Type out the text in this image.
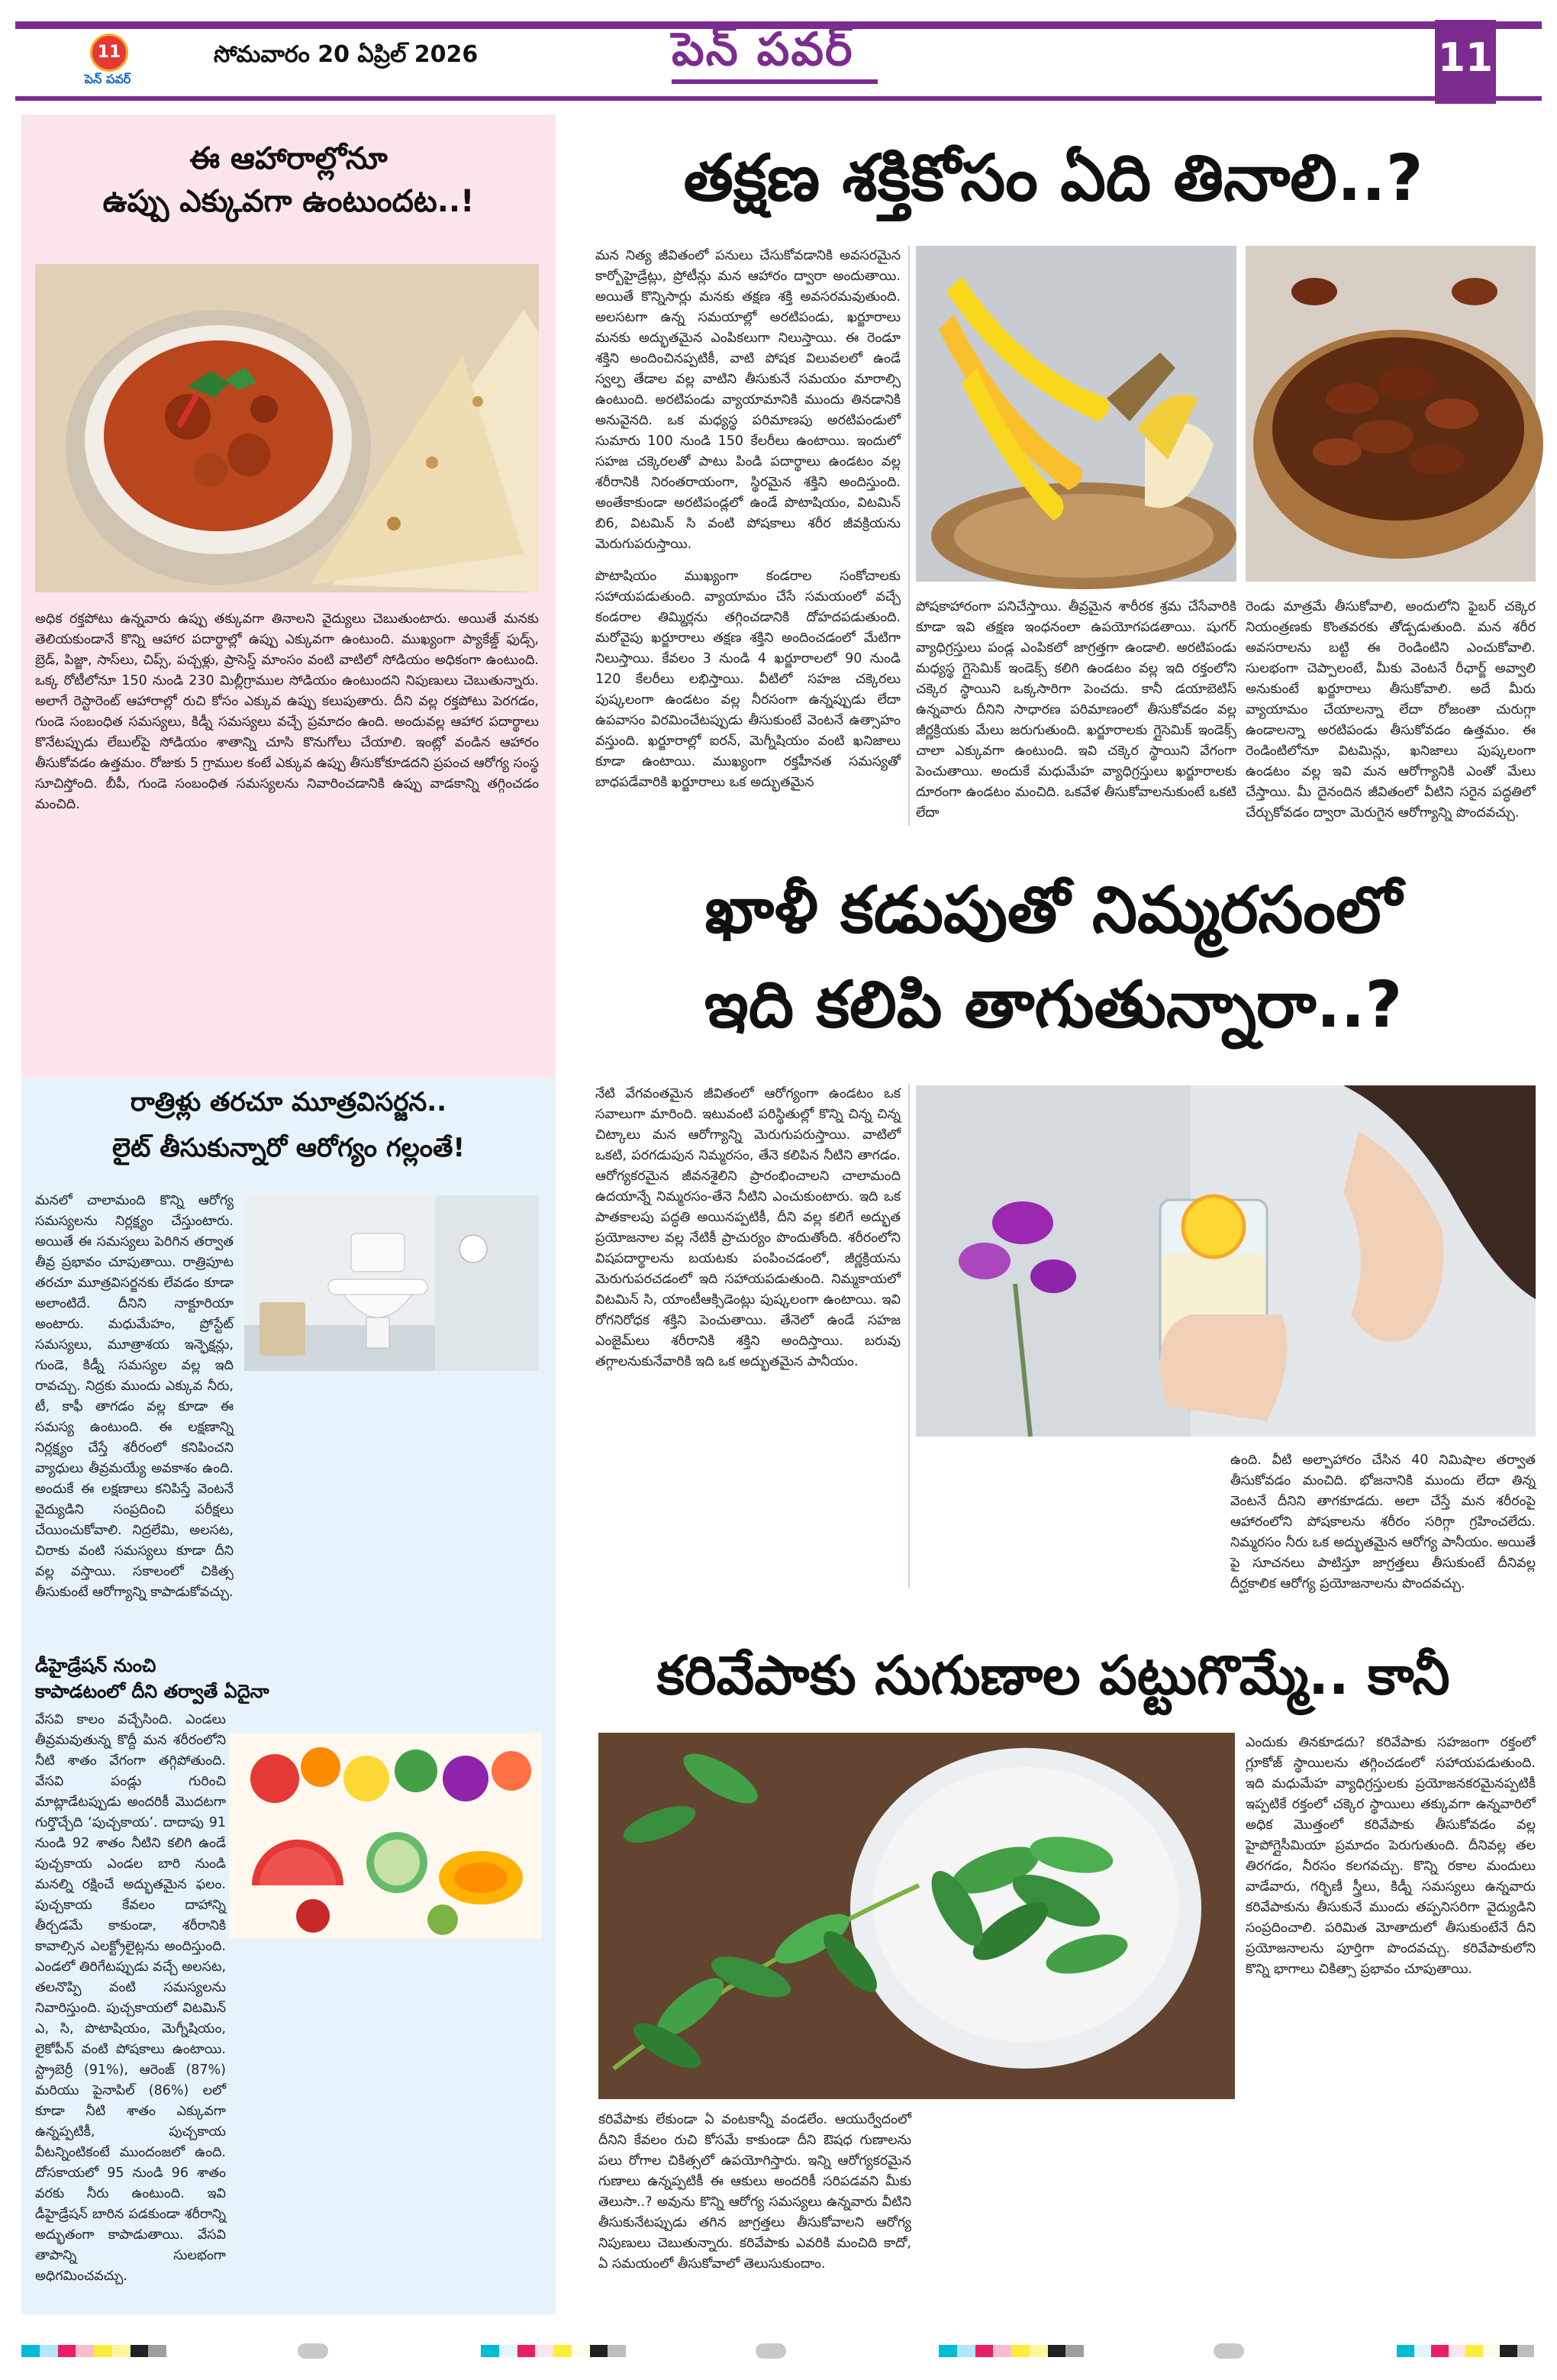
11
పెన్ పవర్
సోమవారం 20 ఏప్రిల్ 2026	పెన్ పవర్	11
ఈ ఆహారాల్లోనూ
ఉప్పు ఎక్కువగా ఉంటుందట..!
అధిక రక్తపోటు ఉన్నవారు ఉప్పు తక్కువగా తినాలని వైద్యులు చెబుతుంటారు. అయితే మనకు తెలియకుండానే కొన్ని ఆహార పదార్థాల్లో ఉప్పు ఎక్కువగా ఉంటుంది. ముఖ్యంగా ప్యాకేజ్డ్ ఫుడ్స్, బ్రెడ్, పిజ్జా, సాస్‌లు, చిప్స్, పచ్చళ్లు, ప్రాసెస్డ్ మాంసం వంటి వాటిలో సోడియం అధికంగా ఉంటుంది. ఒక్క రోటీలోనూ 150 నుండి 230 మిల్లీగ్రాముల సోడియం ఉంటుందని నిపుణులు చెబుతున్నారు. అలాగే రెస్టారెంట్ ఆహారాల్లో రుచి కోసం ఎక్కువ ఉప్పు కలుపుతారు. దీని వల్ల రక్తపోటు పెరగడం, గుండె సంబంధిత సమస్యలు, కిడ్నీ సమస్యలు వచ్చే ప్రమాదం ఉంది. అందువల్ల ఆహార పదార్థాలు కొనేటప్పుడు లేబుల్‌పై సోడియం శాతాన్ని చూసి కొనుగోలు చేయాలి. ఇంట్లో వండిన ఆహారం తీసుకోవడం ఉత్తమం. రోజుకు 5 గ్రాముల కంటే ఎక్కువ ఉప్పు తీసుకోకూడదని ప్రపంచ ఆరోగ్య సంస్థ సూచిస్తోంది. బీపీ, గుండె సంబంధిత సమస్యలను నివారించడానికి ఉప్పు వాడకాన్ని తగ్గించడం మంచిది.
రాత్రిళ్లు తరచూ మూత్రవిసర్జన..
లైట్ తీసుకున్నారో ఆరోగ్యం గల్లంతే!
మనలో చాలామంది కొన్ని ఆరోగ్య సమస్యలను నిర్లక్ష్యం చేస్తుంటారు. అయితే ఈ సమస్యలు పెరిగిన తర్వాత తీవ్ర ప్రభావం చూపుతాయి. రాత్రిపూట తరచూ మూత్రవిసర్జనకు లేవడం కూడా అలాంటిదే. దీనిని నాక్టూరియా అంటారు. మధుమేహం, ప్రోస్టేట్ సమస్యలు, మూత్రాశయ ఇన్ఫెక్షన్లు, గుండె, కిడ్నీ సమస్యల వల్ల ఇది రావచ్చు. నిద్రకు ముందు ఎక్కువ నీరు, టీ, కాఫీ తాగడం వల్ల కూడా ఈ సమస్య ఉంటుంది. ఈ లక్షణాన్ని నిర్లక్ష్యం చేస్తే శరీరంలో కనిపించని వ్యాధులు తీవ్రమయ్యే అవకాశం ఉంది. అందుకే ఈ లక్షణాలు కనిపిస్తే వెంటనే వైద్యుడిని సంప్రదించి పరీక్షలు చేయించుకోవాలి. నిద్రలేమి, అలసట, చిరాకు వంటి సమస్యలు కూడా దీని వల్ల వస్తాయి. సకాలంలో చికిత్స తీసుకుంటే ఆరోగ్యాన్ని కాపాడుకోవచ్చు.
డీహైడ్రేషన్ నుంచి
కాపాడటంలో దీని తర్వాతే ఏదైనా
వేసవి కాలం వచ్చేసింది. ఎండలు తీవ్రమవుతున్న కొద్దీ మన శరీరంలోని నీటి శాతం వేగంగా తగ్గిపోతుంది. వేసవి పండ్లు గురించి మాట్లాడేటప్పుడు అందరికీ మొదటగా గుర్తొచ్చేది ‘పుచ్చకాయ’. దాదాపు 91 నుండి 92 శాతం నీటిని కలిగి ఉండే పుచ్చకాయ ఎండల బారి నుండి మనల్ని రక్షించే అద్భుతమైన ఫలం. పుచ్చకాయ కేవలం దాహాన్ని తీర్చడమే కాకుండా, శరీరానికి కావాల్సిన ఎలక్ట్రోలైట్లను అందిస్తుంది. ఎండలో తిరిగేటప్పుడు వచ్చే అలసట, తలనొప్పి వంటి సమస్యలను నివారిస్తుంది. పుచ్చకాయలో విటమిన్ ఎ, సి, పొటాషియం, మెగ్నీషియం, లైకోపీన్ వంటి పోషకాలు ఉంటాయి. స్ట్రాబెర్రీ (91%), ఆరెంజ్ (87%) మరియు పైనాపిల్ (86%) లలో కూడా నీటి శాతం ఎక్కువగా ఉన్నప్పటికీ, పుచ్చకాయ వీటన్నింటికంటే ముందంజలో ఉంది. దోసకాయలో 95 నుండి 96 శాతం వరకు నీరు ఉంటుంది. ఇవి డీహైడ్రేషన్ బారిన పడకుండా శరీరాన్ని అద్భుతంగా కాపాడుతాయి. వేసవి తాపాన్ని సులభంగా అధిగమించవచ్చు.
తక్షణ శక్తికోసం ఏది తినాలి..?
మన నిత్య జీవితంలో పనులు చేసుకోవడానికి అవసరమైన కార్బోహైడ్రేట్లు, ప్రోటీన్లు మన ఆహారం ద్వారా అందుతాయి. అయితే కొన్నిసార్లు మనకు తక్షణ శక్తి అవసరమవుతుంది. అలసటగా ఉన్న సమయాల్లో అరటిపండు, ఖర్జూరాలు మనకు అద్భుతమైన ఎంపికలుగా నిలుస్తాయి. ఈ రెండూ శక్తిని అందించినప్పటికీ, వాటి పోషక విలువలలో ఉండే స్వల్ప తేడాల వల్ల వాటిని తీసుకునే సమయం మారాల్సి ఉంటుంది. అరటిపండు వ్యాయామానికి ముందు తినడానికి అనువైనది. ఒక మధ్యస్థ పరిమాణపు అరటిపండులో సుమారు 100 నుండి 150 కేలరీలు ఉంటాయి. ఇందులో సహజ చక్కెరలతో పాటు పిండి పదార్థాలు ఉండటం వల్ల శరీరానికి నిరంతరాయంగా, స్థిరమైన శక్తిని అందిస్తుంది. అంతేకాకుండా అరటిపండ్లలో ఉండే పొటాషియం, విటమిన్ బి6, విటమిన్ సి వంటి పోషకాలు శరీర జీవక్రియను మెరుగుపరుస్తాయి.
పొటాషియం ముఖ్యంగా కండరాల సంకోచాలకు సహాయపడుతుంది. వ్యాయామం చేసే సమయంలో వచ్చే కండరాల తిమ్మిర్లను తగ్గించడానికి దోహదపడుతుంది. మరోవైపు ఖర్జూరాలు తక్షణ శక్తిని అందించడంలో మేటిగా నిలుస్తాయి. కేవలం 3 నుండి 4 ఖర్జూరాలలో 90 నుండి 120 కేలరీలు లభిస్తాయి. వీటిలో సహజ చక్కెరలు పుష్కలంగా ఉండటం వల్ల నీరసంగా ఉన్నప్పుడు లేదా ఉపవాసం విరమించేటప్పుడు తీసుకుంటే వెంటనే ఉత్సాహం వస్తుంది. ఖర్జూరాల్లో ఐరన్, మెగ్నీషియం వంటి ఖనిజాలు కూడా ఉంటాయి. ముఖ్యంగా రక్తహీనత సమస్యతో బాధపడేవారికి ఖర్జూరాలు ఒక అద్భుతమైన
పోషకాహారంగా పనిచేస్తాయి. తీవ్రమైన శారీరక శ్రమ చేసేవారికి కూడా ఇవి తక్షణ ఇంధనంలా ఉపయోగపడతాయి. షుగర్ వ్యాధిగ్రస్తులు పండ్ల ఎంపికలో జాగ్రత్తగా ఉండాలి. అరటిపండు మధ్యస్థ గ్లైసెమిక్ ఇండెక్స్ కలిగి ఉండటం వల్ల ఇది రక్తంలోని చక్కెర స్థాయిని ఒక్కసారిగా పెంచదు. కానీ డయాబెటిస్ ఉన్నవారు దీనిని సాధారణ పరిమాణంలో తీసుకోవడం వల్ల జీర్ణక్రియకు మేలు జరుగుతుంది. ఖర్జూరాలకు గ్లైసెమిక్ ఇండెక్స్ చాలా ఎక్కువగా ఉంటుంది. ఇవి చక్కెర స్థాయిని వేగంగా పెంచుతాయి. అందుకే మధుమేహ వ్యాధిగ్రస్తులు ఖర్జూరాలకు దూరంగా ఉండటం మంచిది. ఒకవేళ తీసుకోవాలనుకుంటే ఒకటి లేదా
రెండు మాత్రమే తీసుకోవాలి, అందులోని ఫైబర్ చక్కెర నియంత్రణకు కొంతవరకు తోడ్పడుతుంది. మన శరీర అవసరాలను బట్టి ఈ రెండింటిని ఎంచుకోవాలి. సులభంగా చెప్పాలంటే, మీకు వెంటనే రీఛార్జ్ అవ్వాలి అనుకుంటే ఖర్జూరాలు తీసుకోవాలి. అదే మీరు వ్యాయామం చేయాలన్నా లేదా రోజంతా చురుగ్గా ఉండాలన్నా అరటిపండు తీసుకోవడం ఉత్తమం. ఈ రెండింటిలోనూ విటమిన్లు, ఖనిజాలు పుష్కలంగా ఉండటం వల్ల ఇవి మన ఆరోగ్యానికి ఎంతో మేలు చేస్తాయి. మీ దైనందిన జీవితంలో వీటిని సరైన పద్ధతిలో చేర్చుకోవడం ద్వారా మెరుగైన ఆరోగ్యాన్ని పొందవచ్చు.
ఖాళీ కడుపుతో నిమ్మరసంలో
ఇది కలిపి తాగుతున్నారా..?
నేటి వేగవంతమైన జీవితంలో ఆరోగ్యంగా ఉండటం ఒక సవాలుగా మారింది. ఇటువంటి పరిస్థితుల్లో కొన్ని చిన్న చిన్న చిట్కాలు మన ఆరోగ్యాన్ని మెరుగుపరుస్తాయి. వాటిలో ఒకటి, పరగడుపున నిమ్మరసం, తేనె కలిపిన నీటిని తాగడం. ఆరోగ్యకరమైన జీవనశైలిని ప్రారంభించాలని చాలామంది ఉదయాన్నే నిమ్మరసం-తేనె నీటిని ఎంచుకుంటారు. ఇది ఒక పాతకాలపు పద్ధతి అయినప్పటికీ, దీని వల్ల కలిగే అద్భుత ప్రయోజనాల వల్ల నేటికీ ప్రాచుర్యం పొందుతోంది. శరీరంలోని విషపదార్థాలను బయటకు పంపించడంలో, జీర్ణక్రియను మెరుగుపరచడంలో ఇది సహాయపడుతుంది. నిమ్మకాయలో విటమిన్ సి, యాంటీఆక్సిడెంట్లు పుష్కలంగా ఉంటాయి. ఇవి రోగనిరోధక శక్తిని పెంచుతాయి. తేనెలో ఉండే సహజ ఎంజైమ్‌లు శరీరానికి శక్తిని అందిస్తాయి. బరువు తగ్గాలనుకునేవారికి ఇది ఒక అద్భుతమైన పానీయం.
ఉంది. వీటి అల్పాహారం చేసిన 40 నిమిషాల తర్వాత తీసుకోవడం మంచిది. భోజనానికి ముందు లేదా తిన్న వెంటనే దీనిని తాగకూడదు. అలా చేస్తే మన శరీరంపై ఆహారంలోని పోషకాలను శరీరం సరిగ్గా గ్రహించలేదు. నిమ్మరసం నీరు ఒక అద్భుతమైన ఆరోగ్య పానీయం. అయితే పై సూచనలు పాటిస్తూ జాగ్రత్తలు తీసుకుంటే దీనివల్ల దీర్ఘకాలిక ఆరోగ్య ప్రయోజనాలను పొందవచ్చు.
కరివేపాకు సుగుణాల పట్టుగొమ్మే.. కానీ
కరివేపాకు లేకుండా ఏ వంటకాన్నీ వండలేం. ఆయుర్వేదంలో దీనిని కేవలం రుచి కోసమే కాకుండా దీని ఔషధ గుణాలను పలు రోగాల చికిత్సలో ఉపయోగిస్తారు. ఇన్ని ఆరోగ్యకరమైన గుణాలు ఉన్నప్పటికీ ఈ ఆకులు అందరికీ సరిపడవని మీకు తెలుసా..? అవును కొన్ని ఆరోగ్య సమస్యలు ఉన్నవారు వీటిని తీసుకునేటప్పుడు తగిన జాగ్రత్తలు తీసుకోవాలని ఆరోగ్య నిపుణులు చెబుతున్నారు. కరివేపాకు ఎవరికి మంచిది కాదో, ఏ సమయంలో తీసుకోవాలో తెలుసుకుందాం.
ఎందుకు తినకూడదు? కరివేపాకు సహజంగా రక్తంలో గ్లూకోజ్ స్థాయిలను తగ్గించడంలో సహాయపడుతుంది. ఇది మధుమేహ వ్యాధిగ్రస్తులకు ప్రయోజనకరమైనప్పటికీ ఇప్పటికే రక్తంలో చక్కెర స్థాయిలు తక్కువగా ఉన్నవారిలో అధిక మొత్తంలో కరివేపాకు తీసుకోవడం వల్ల హైపోగ్లైసీమియా ప్రమాదం పెరుగుతుంది. దీనివల్ల తల తిరగడం, నీరసం కలగవచ్చు. కొన్ని రకాల మందులు వాడేవారు, గర్భిణీ స్త్రీలు, కిడ్నీ సమస్యలు ఉన్నవారు కరివేపాకును తీసుకునే ముందు తప్పనిసరిగా వైద్యుడిని సంప్రదించాలి. పరిమిత మోతాదులో తీసుకుంటేనే దీని ప్రయోజనాలను పూర్తిగా పొందవచ్చు. కరివేపాకులోని కొన్ని భాగాలు చికిత్సా ప్రభావం చూపుతాయి.
